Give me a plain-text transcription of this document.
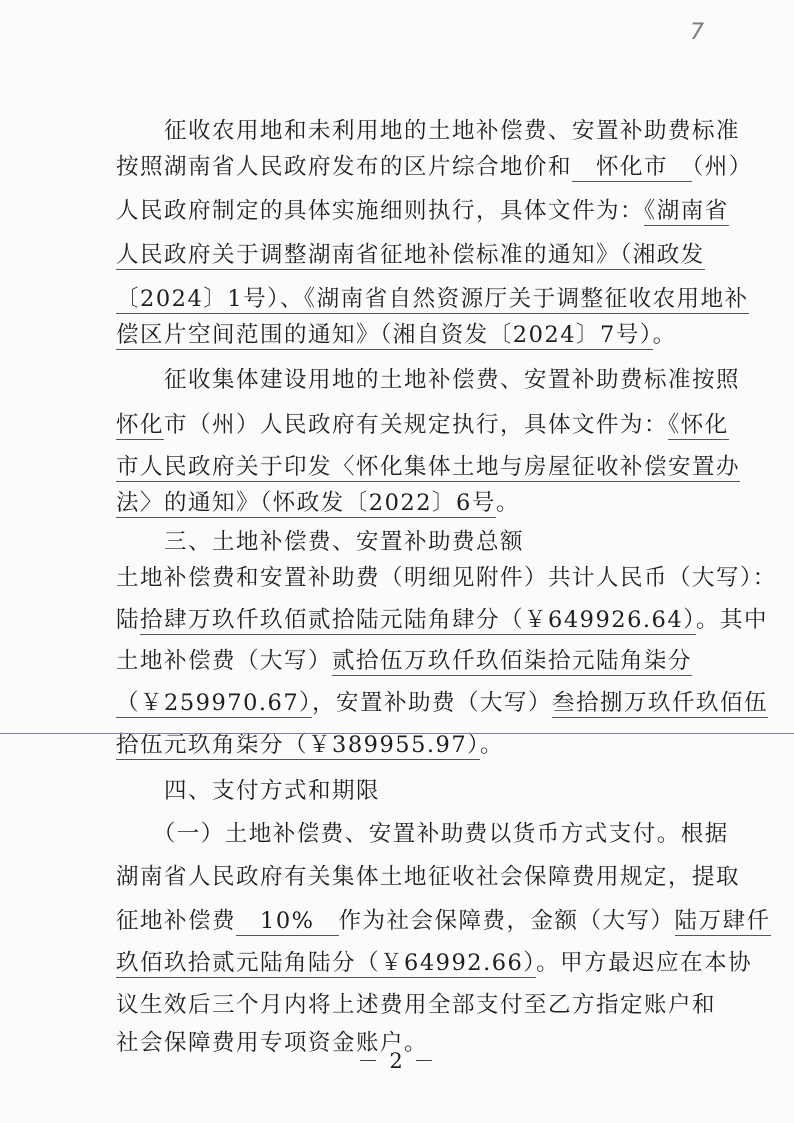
7
　　征收农用地和未利用地的土地补偿费、安置补助费标准
按照湖南省人民政府发布的区片综合地价和　怀化市　（州）
人民政府制定的具体实施细则执行，具体文件为：《湖南省
人民政府关于调整湖南省征地补偿标准的通知》（湘政发
〔2024〕1号）、《湖南省自然资源厅关于调整征收农用地补
偿区片空间范围的通知》（湘自资发〔2024〕7号）。
　　征收集体建设用地的土地补偿费、安置补助费标准按照
怀化市（州）人民政府有关规定执行，具体文件为：《怀化
市人民政府关于印发〈怀化集体土地与房屋征收补偿安置办
法〉的通知》（怀政发〔2022〕6号。
　　三、土地补偿费、安置补助费总额
土地补偿费和安置补助费（明细见附件）共计人民币（大写）：
陆拾肆万玖仟玖佰贰拾陆元陆角肆分（￥649926.64）。其中
土地补偿费（大写）贰拾伍万玖仟玖佰柒拾元陆角柒分
（￥259970.67），安置补助费（大写）叁拾捌万玖仟玖佰伍
拾伍元玖角柒分（￥389955.97）。
　　四、支付方式和期限
　　（一）土地补偿费、安置补助费以货币方式支付。根据
湖南省人民政府有关集体土地征收社会保障费用规定，提取
征地补偿费　10%　作为社会保障费，金额（大写）陆万肆仟
玖佰玖拾贰元陆角陆分（￥64992.66）。甲方最迟应在本协
议生效后三个月内将上述费用全部支付至乙方指定账户和
社会保障费用专项资金账户。
－ 2 －
